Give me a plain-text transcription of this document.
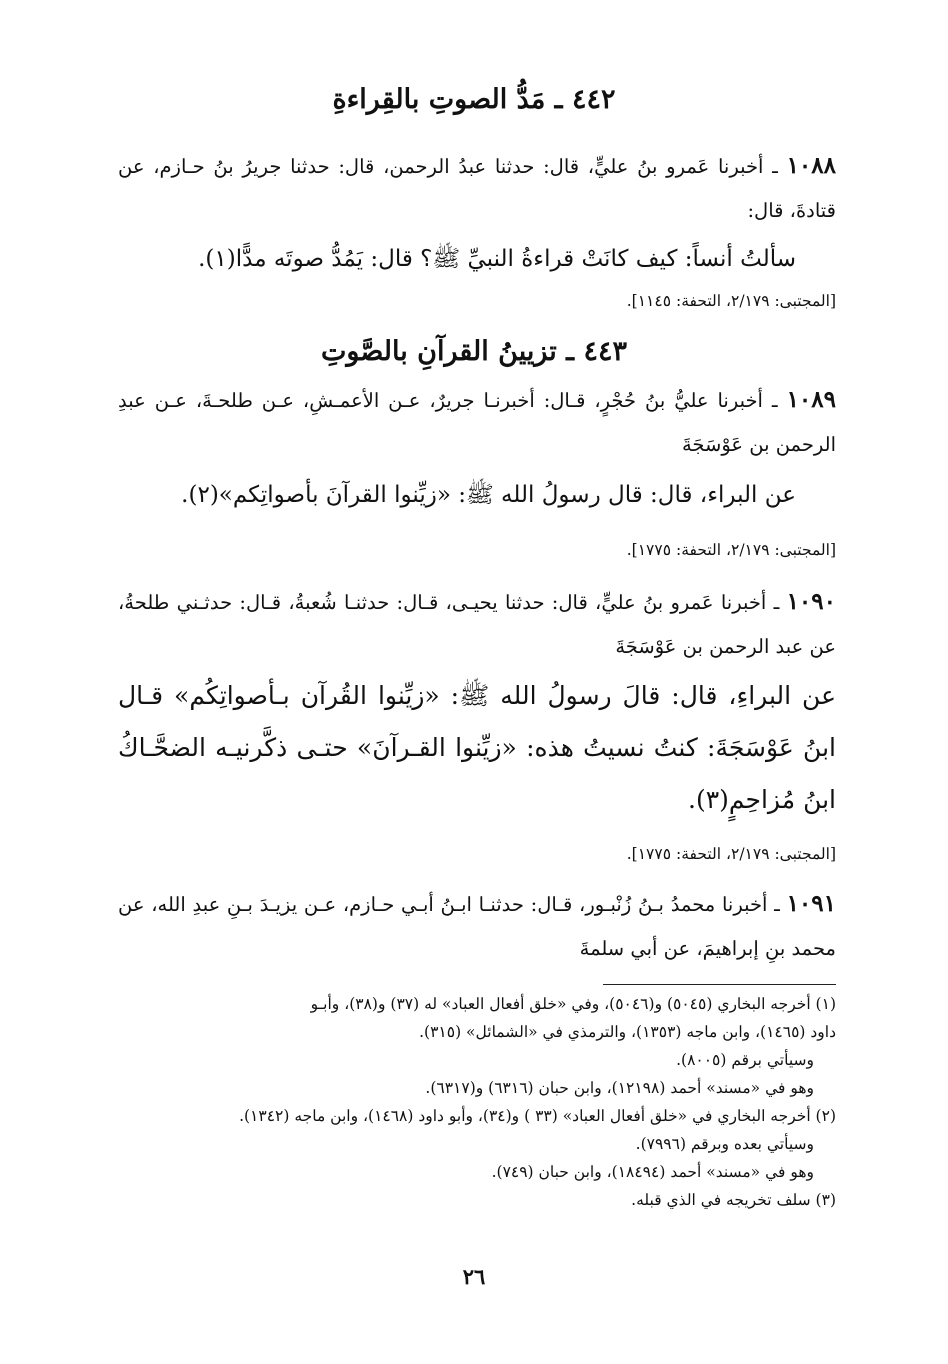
٤٤٢ ـ مَدُّ الصوتِ بالقِراءةِ
١٠٨٨ ـ أخبرنا عَمرو بنُ عليٍّ، قال: حدثنا عبدُ الرحمن، قال: حدثنا جريرُ بنُ حـازم، عن قتادةَ، قال:
سألتُ أنساً: كيف كانَتْ قراءةُ النبيِّ ﷺ؟ قال: يَمُدُّ صوتَه مدًّا(١).
[المجتبى: ٢/١٧٩، التحفة: ١١٤٥].
٤٤٣ ـ تزيينُ القرآنِ بالصَّوتِ
١٠٨٩ ـ أخبرنا عليُّ بنُ حُجْرٍ، قـال: أخبرنـا جريرٌ، عـن الأعمـشِ، عـن طلحـةَ، عـن عبدِ الرحمن بن عَوْسَجَةَ
عن البراء، قال: قال رسولُ الله ﷺ: «زيِّنوا القرآنَ بأصواتِكم»(٢).
[المجتبى: ٢/١٧٩، التحفة: ١٧٧٥].
١٠٩٠ ـ أخبرنا عَمرو بنُ عليٍّ، قال: حدثنا يحيـى، قـال: حدثنـا شُعبةُ، قـال: حدثـني طلحةُ، عن عبد الرحمن بن عَوْسَجَةَ
عن البراءِ، قال: قالَ رسولُ الله ﷺ: «زيِّنوا القُرآن بـأصواتِكُم» قـال ابنُ عَوْسَجَةَ: كنتُ نسيتُ هذه: «زيِّنوا القـرآنَ» حتـى ذكَّرنيـه الضحَّـاكُ ابنُ مُزاحِمٍ(٣).
[المجتبى: ٢/١٧٩، التحفة: ١٧٧٥].
١٠٩١ ـ أخبرنا محمدُ بـنُ زُنْبـور، قـال: حدثنـا ابـنُ أبـي حـازم، عـن يزيـدَ بـنِ عبدِ الله، عن محمد بنِ إبراهيمَ، عن أبي سلمةَ
(١) أخرجه البخاري (٥٠٤٥) و(٥٠٤٦)، وفي «خلق أفعال العباد» له (٣٧) و(٣٨)، وأبـو
داود (١٤٦٥)، وابن ماجه (١٣٥٣)، والترمذي في «الشمائل» (٣١٥).
وسيأتي برقم (٨٠٠٥).
وهو في «مسند» أحمد (١٢١٩٨)، وابن حبان (٦٣١٦) و(٦٣١٧).
(٢) أخرجه البخاري في «خلق أفعال العباد» (٣٣ ) و(٣٤)، وأبو داود (١٤٦٨)، وابن ماجه (١٣٤٢).
وسيأتي بعده وبرقم (٧٩٩٦).
وهو في «مسند» أحمد (١٨٤٩٤)، وابن حبان (٧٤٩).
(٣) سلف تخريجه في الذي قبله.
٢٦
